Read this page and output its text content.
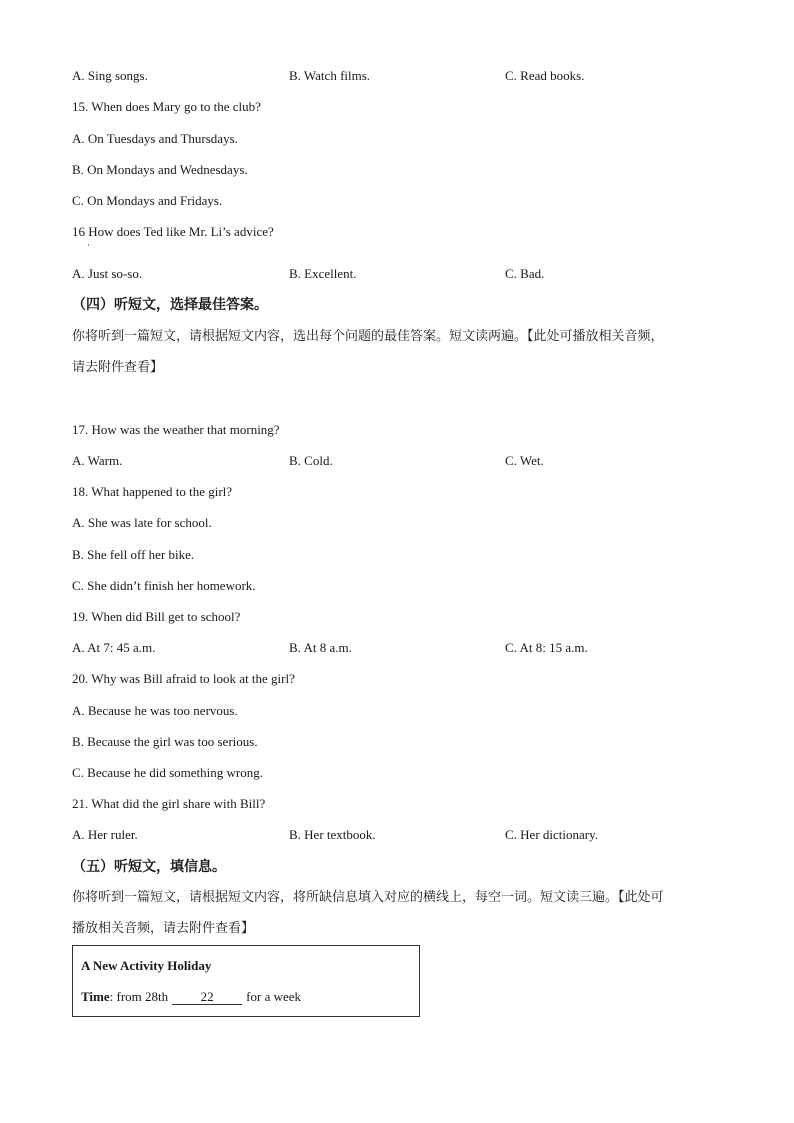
A. Sing songs.	B. Watch films.	C. Read books.
15. When does Mary go to the club?
A. On Tuesdays and Thursdays.
B. On Mondays and Wednesdays.
C. On Mondays and Fridays.
16 How does Ted like Mr. Li’s advice?
·
A. Just so-so.	B. Excellent.	C. Bad.
（四）听短文，选择最佳答案。
你将听到一篇短文，请根据短文内容，选出每个问题的最佳答案。短文读两遍。【此处可播放相关音频，
请去附件查看】
17. How was the weather that morning?
A. Warm.	B. Cold.	C. Wet.
18. What happened to the girl?
A. She was late for school.
B. She fell off her bike.
C. She didn’t finish her homework.
19. When did Bill get to school?
A. At 7: 45 a.m.	B. At 8 a.m.	C. At 8: 15 a.m.
20. Why was Bill afraid to look at the girl?
A. Because he was too nervous.
B. Because the girl was too serious.
C. Because he did something wrong.
21. What did the girl share with Bill?
A. Her ruler.	B. Her textbook.	C. Her dictionary.
（五）听短文，填信息。
你将听到一篇短文，请根据短文内容，将所缺信息填入对应的横线上，每空一词。短文读三遍。【此处可
播放相关音频，请去附件查看】
A New Activity Holiday
Time: from 28th	22	for a week
